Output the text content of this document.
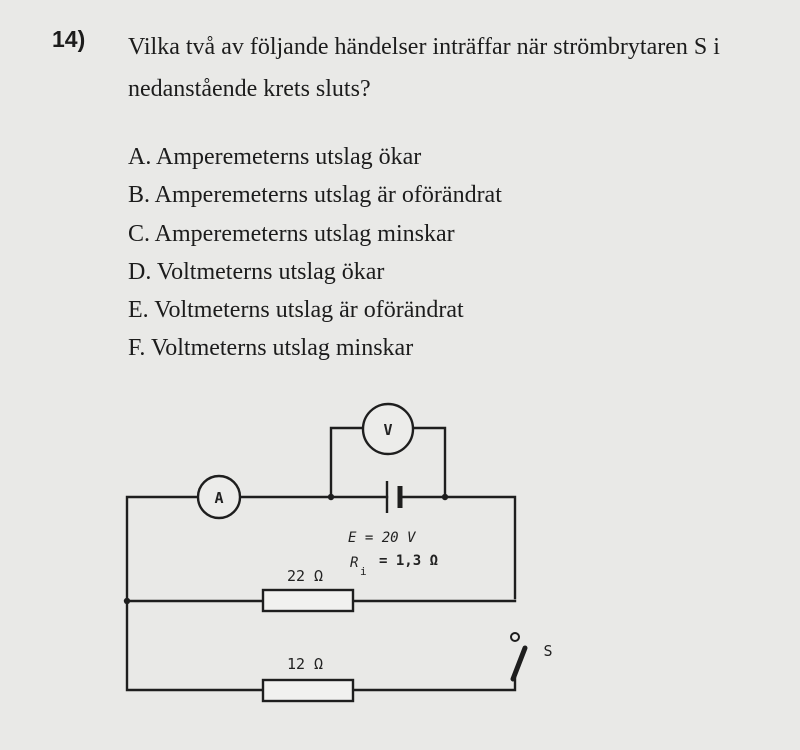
14) Vilka två av följande händelser inträffar när strömbrytaren S i nedanstående krets sluts?
A. Amperemeterns utslag ökar
B. Amperemeterns utslag är oförändrat
C. Amperemeterns utslag minskar
D. Voltmeterns utslag ökar
E. Voltmeterns utslag är oförändrat
F. Voltmeterns utslag minskar
A
V
S
E = 20 V
R
i
= 1,3 Ω
22 Ω
12 Ω
